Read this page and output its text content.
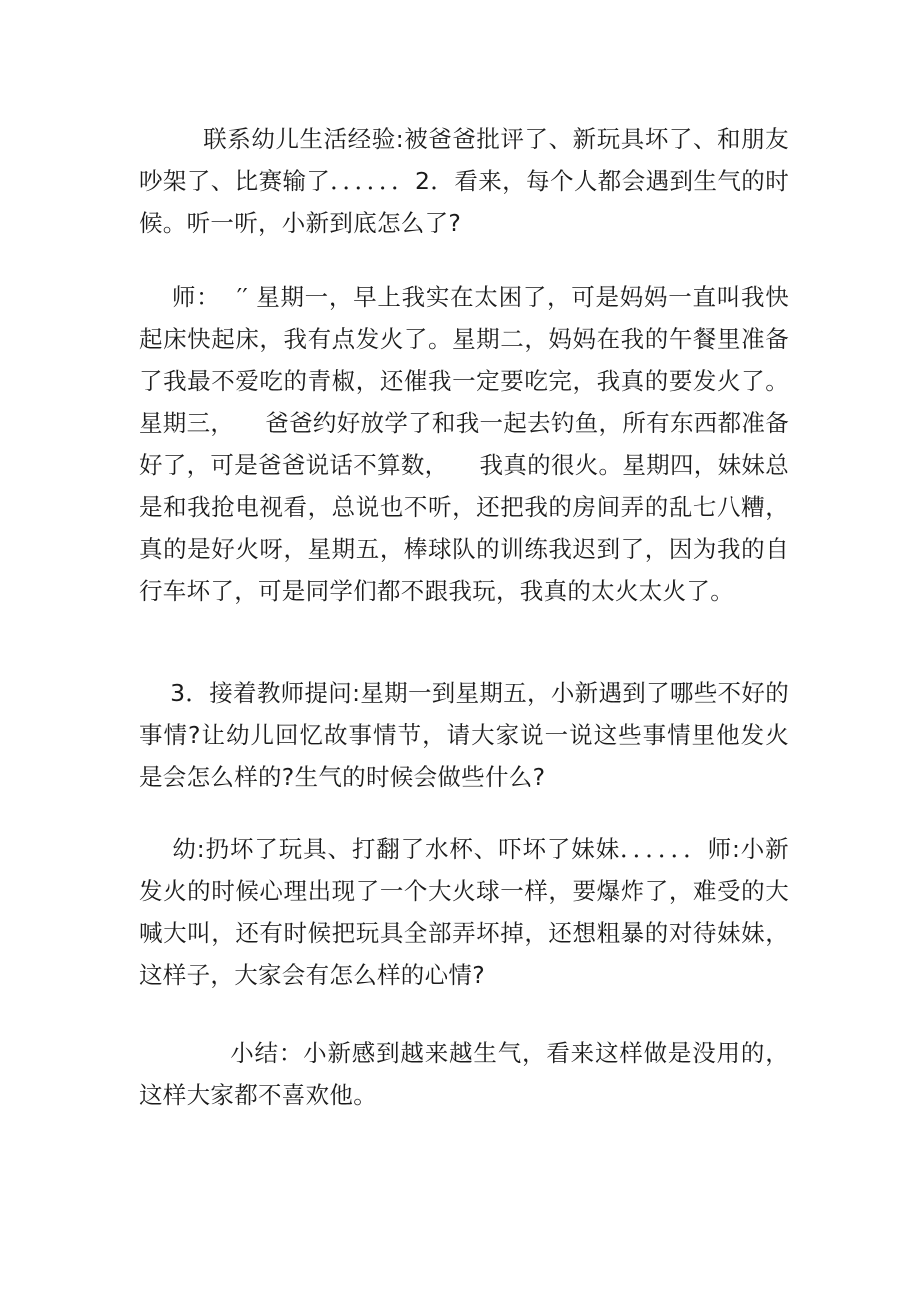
联系幼儿生活经验:被爸爸批评了、新玩具坏了、和朋友吵架了、比赛输了．．．．．．2．看来，每个人都会遇到生气的时候。听一听，小新到底怎么了?

师：  ′′ 星期一，早上我实在太困了，可是妈妈一直叫我快起床快起床，我有点发火了。星期二，妈妈在我的午餐里准备了我最不爱吃的青椒，还催我一定要吃完，我真的要发火了。星期三，    爸爸约好放学了和我一起去钓鱼，所有东西都准备好了，可是爸爸说话不算数，    我真的很火。星期四，妹妹总是和我抢电视看，总说也不听，还把我的房间弄的乱七八糟，真的是好火呀，星期五，棒球队的训练我迟到了，因为我的自行车坏了，可是同学们都不跟我玩，我真的太火太火了。

3．接着教师提问:星期一到星期五，小新遇到了哪些不好的事情?让幼儿回忆故事情节，请大家说一说这些事情里他发火是会怎么样的?生气的时候会做些什么?

幼:扔坏了玩具、打翻了水杯、吓坏了妹妹．．．．．．师:小新发火的时候心理出现了一个大火球一样，要爆炸了，难受的大喊大叫，还有时候把玩具全部弄坏掉，还想粗暴的对待妹妹，这样子，大家会有怎么样的心情?

小结：小新感到越来越生气，看来这样做是没用的，这样大家都不喜欢他。
